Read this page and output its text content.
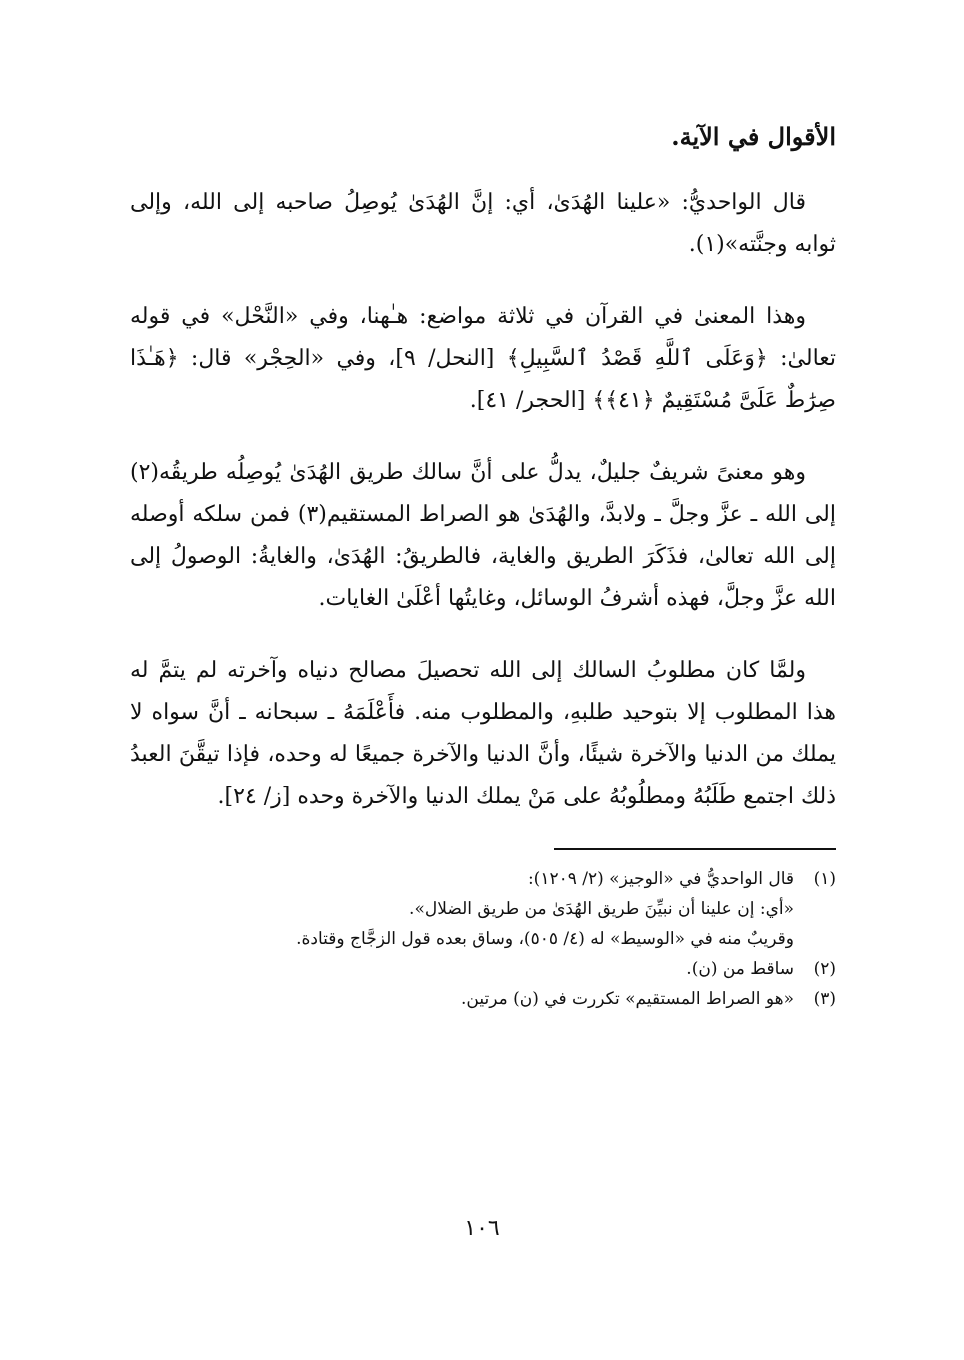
الأقوال في الآية.

قال الواحديُّ: «علينا الهُدَىٰ، أي: إنَّ الهُدَىٰ يُوصِلُ صاحبه إلى الله، وإلى ثوابه وجنَّته»(١).

وهذا المعنىٰ في القرآن في ثلاثة مواضع: هـٰهنا، وفي «النَّحْل» في قوله تعالىٰ: ﴿وَعَلَى ٱللَّهِ قَصْدُ ٱلسَّبِيلِ﴾ [النحل/ ٩]، وفي «الحِجْر» قال: ﴿هَـٰذَا صِرَٰطٌ عَلَىَّ مُسْتَقِيمٌ ﴿٤١﴾﴾ [الحجر/ ٤١].

وهو معنىً شريفٌ جليلٌ، يدلُّ على أنَّ سالك طريق الهُدَىٰ يُوصِلُه طريقُه(٢) إلى الله ـ عزَّ وجلَّ ـ ولابدَّ، والهُدَىٰ هو الصراط المستقيم(٣) فمن سلكه أوصله إلى الله تعالىٰ، فذَكَرَ الطريق والغاية، فالطريقُ: الهُدَىٰ، والغايةُ: الوصولُ إلى الله عزَّ وجلَّ، فهذه أشرفُ الوسائل، وغايتُها أعْلَىٰ الغايات.

ولمَّا كان مطلوبُ السالك إلى الله تحصيلَ مصالح دنياه وآخرته لم يتمَّ له هذا المطلوب إلا بتوحيد طلبهِ، والمطلوب منه. فأَعْلَمَهُ ـ سبحانه ـ أنَّ سواه لا يملك من الدنيا والآخرة شيئًا، وأنَّ الدنيا والآخرة جميعًا له وحده، فإذا تيقَّنَ العبدُ ذلك اجتمع طَلَبُهُ ومطلُوبُهُ على مَنْ يملك الدنيا والآخرة وحده [ز/ ٢٤].

(١)
قال الواحديُّ في «الوجيز» (٢/ ١٢٠٩):
«أي: إن علينا أن نبيِّنَ طريق الهُدَىٰ من طريق الضلال».
وقريبٌ منه في «الوسيط» له (٤/ ٥٠٥)، وساق بعده قول الزجَّاج وقتادة.
(٢)
ساقط من (ن).
(٣)
«هو الصراط المستقيم» تكررت في (ن) مرتين.
١٠٦
